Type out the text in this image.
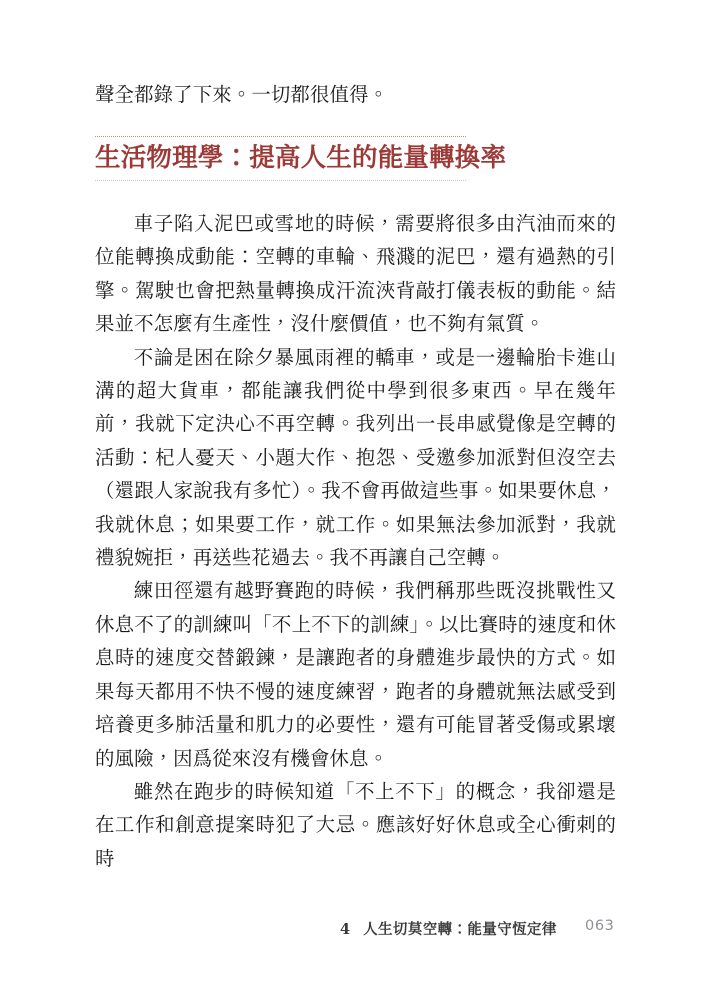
聲全都錄了下來。一切都很值得。

生活物理學：提高人生的能量轉換率

車子陷入泥巴或雪地的時候，需要將很多由汽油而來的位能轉換成動能：空轉的車輪、飛濺的泥巴，還有過熱的引擎。駕駛也會把熱量轉換成汗流浹背敲打儀表板的動能。結果並不怎麼有生產性，沒什麼價值，也不夠有氣質。

不論是困在除夕暴風雨裡的轎車，或是一邊輪胎卡進山溝的超大貨車，都能讓我們從中學到很多東西。早在幾年前，我就下定決心不再空轉。我列出一長串感覺像是空轉的活動：杞人憂天、小題大作、抱怨、受邀參加派對但沒空去（還跟人家說我有多忙）。我不會再做這些事。如果要休息，我就休息；如果要工作，就工作。如果無法參加派對，我就禮貌婉拒，再送些花過去。我不再讓自己空轉。

練田徑還有越野賽跑的時候，我們稱那些既沒挑戰性又休息不了的訓練叫「不上不下的訓練」。以比賽時的速度和休息時的速度交替鍛鍊，是讓跑者的身體進步最快的方式。如果每天都用不快不慢的速度練習，跑者的身體就無法感受到培養更多肺活量和肌力的必要性，還有可能冒著受傷或累壞的風險，因爲從來沒有機會休息。

雖然在跑步的時候知道「不上不下」的概念，我卻還是在工作和創意提案時犯了大忌。應該好好休息或全心衝刺的時

4 人生切莫空轉：能量守恆定律 063
